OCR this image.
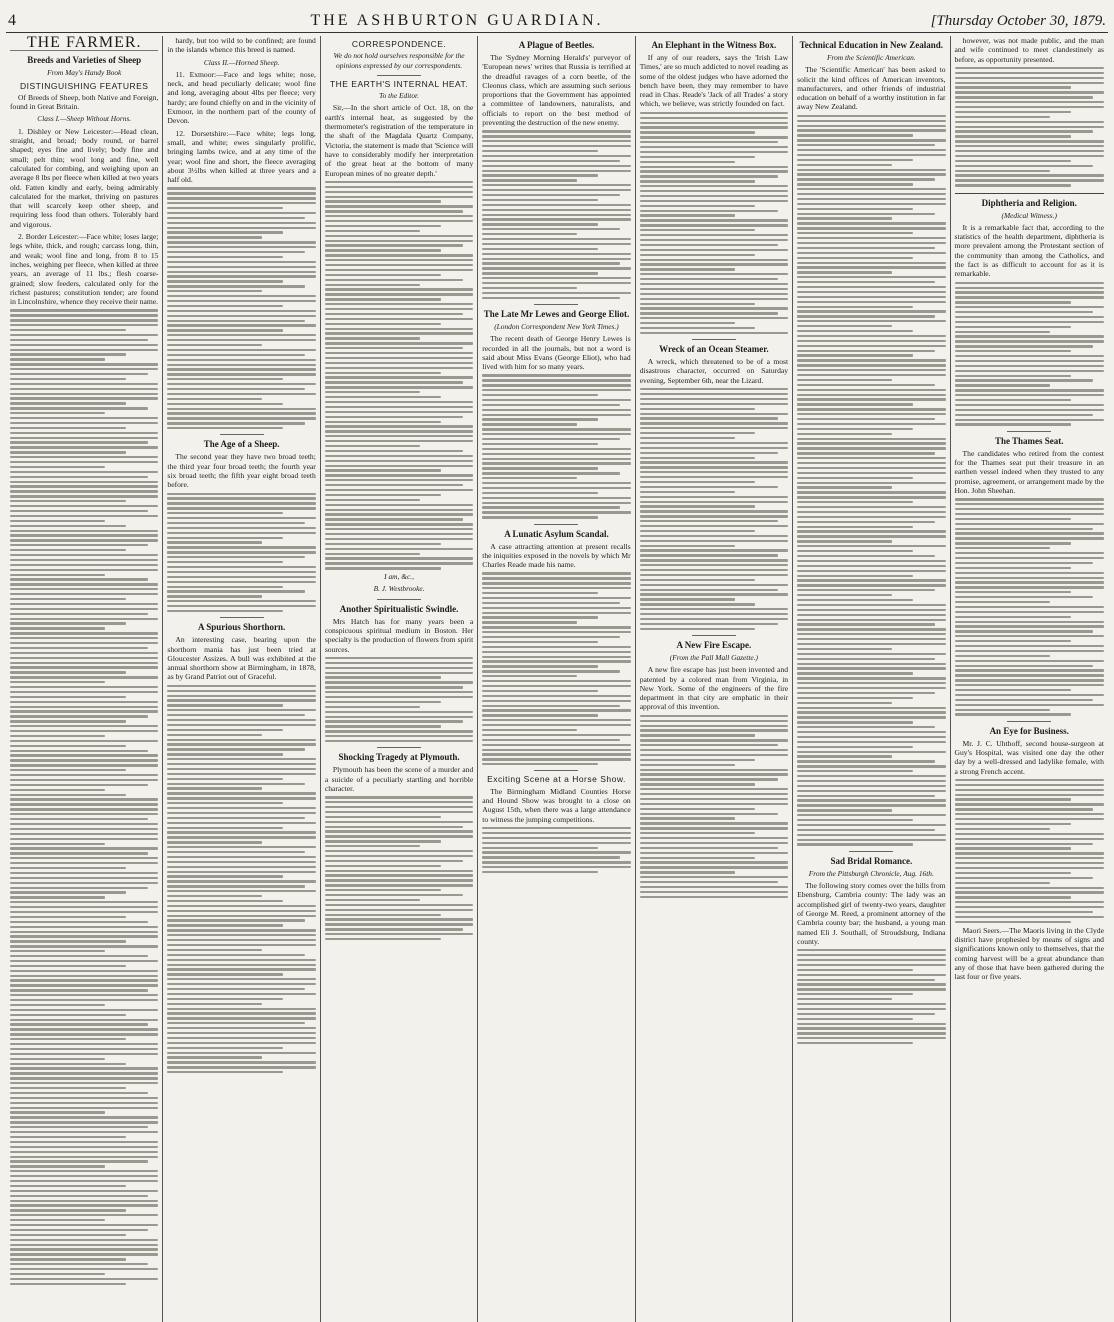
4	THE ASHBURTON GUARDIAN.	[Thursday October 30, 1879.
THE FARMER.
Breeds and Varieties of Sheep
From May's Handy Book
DISTINGUISHING FEATURES

Of Breeds of Sheep, both Native and Foreign, found in Great Britain.

Class I.—Sheep Without Horns.

1. Dishley or New Leicester:—Head clean, straight, and broad; body round, or barrel shaped; eyes fine and lively; body fine and small; pelt thin; wool long and fine, well calculated for combing, and weighing upon an average 8 lbs per fleece when killed at two years old. Fatten kindly and early, being admirably calculated for the market, thriving on pastures that will scarcely keep other sheep, and requiring less food than others. Tolerably hard and vigorous.

2. Border Leicester:—Face white; loses large; legs white, thick, and rough; carcass long, thin, and weak; wool fine and long, from 8 to 15 inches, weighing per fleece, when killed at three years, an average of 11 lbs.; flesh coarse-grained; slow feeders, calculated only for the richest pastures; constitution tender; are found in Lincolnshire, whence they receive their name.

hardy, but too wild to be confined; are found in the islands whence this breed is named.

Class II.—Horned Sheep.

11. Exmoor:—Face and legs white; nose, neck, and head peculiarly delicate; wool fine and long, averaging about 4lbs per fleece; very hardy; are found chiefly on and in the vicinity of Exmoor, in the northern part of the county of Devon.

12. Dorsetshire:—Face white; legs long, small, and white; ewes singularly prolific, bringing lambs twice, and at any time of the year; wool fine and short, the fleece averaging about 3½lbs when killed at three years and a half old.

The Age of a Sheep.

The second year they have two broad teeth; the third year four broad teeth; the fourth year six broad teeth; the fifth year eight broad teeth before.

A Spurious Shorthorn.

An interesting case, bearing upon the shorthorn mania has just been tried at Gloucester Assizes. A bull was exhibited at the annual shorthorn show at Birmingham, in 1878, as by Grand Patriot out of Graceful.

CORRESPONDENCE.
We do not hold ourselves responsible for the opinions expressed by our correspondents.
THE EARTH'S INTERNAL HEAT.
To the Editor.

Sir,—In the short article of Oct. 18, on the earth's internal heat, as suggested by the thermometer's registration of the temperature in the shaft of the Magdala Quartz Company, Victoria, the statement is made that 'Science will have to considerably modify her interpretation of the great heat at the bottom of many European mines of no greater depth.'

I am, &c.,
B. J. Westbrooke.
Another Spiritualistic Swindle.

Mrs Hatch has for many years been a conspicuous spiritual medium in Boston. Her specialty is the production of flowers from spirit sources.

Shocking Tragedy at Plymouth.

Plymouth has been the scene of a murder and a suicide of a peculiarly startling and horrible character.

A Plague of Beetles.

The 'Sydney Morning Herald's' purveyor of 'European news' writes that Russia is terrified at the dreadful ravages of a corn beetle, of the Cleonus class, which are assuming such serious proportions that the Government has appointed a committee of landowners, naturalists, and officials to report on the best method of preventing the destruction of the new enemy.

The Late Mr Lewes and George Eliot.
(London Correspondent New York Times.)

The recent death of George Henry Lewes is recorded in all the journals, but not a word is said about Miss Evans (George Eliot), who had lived with him for so many years.

A Lunatic Asylum Scandal.

A case attracting attention at present recalls the iniquities exposed in the novels by which Mr Charles Reade made his name.

Exciting Scene at a Horse Show.

The Birmingham Midland Counties Horse and Hound Show was brought to a close on August 15th, when there was a large attendance to witness the jumping competitions.

An Elephant in the Witness Box.

If any of our readers, says the 'Irish Law Times,' are so much addicted to novel reading as some of the oldest judges who have adorned the bench have been, they may remember to have read in Chas. Reade's 'Jack of all Trades' a story which, we believe, was strictly founded on fact.

Wreck of an Ocean Steamer.

A wreck, which threatened to be of a most disastrous character, occurred on Saturday evening, September 6th, near the Lizard.

A New Fire Escape.
(From the Pall Mall Gazette.)

A new fire escape has just been invented and patented by a colored man from Virginia, in New York. Some of the engineers of the fire department in that city are emphatic in their approval of this invention.

Technical Education in New Zealand.
From the Scientific American.

The 'Scientific American' has been asked to solicit the kind offices of American inventors, manufacturers, and other friends of industrial education on behalf of a worthy institution in far away New Zealand.

Sad Bridal Romance.
From the Pittsburgh Chronicle, Aug. 16th.

The following story comes over the hills from Ebensburg, Cambria county: The lady was an accomplished girl of twenty-two years, daughter of George M. Reed, a prominent attorney of the Cambria county bar; the husband, a young man named Eli J. Southall, of Stroudsburg, Indiana county.

however, was not made public, and the man and wife continued to meet clandestinely as before, as opportunity presented.

Diphtheria and Religion.
(Medical Witness.)

It is a remarkable fact that, according to the statistics of the health department, diphtheria is more prevalent among the Protestant section of the community than among the Catholics, and the fact is as difficult to account for as it is remarkable.

The Thames Seat.

The candidates who retired from the contest for the Thames seat put their treasure in an earthen vessel indeed when they trusted to any promise, agreement, or arrangement made by the Hon. John Sheehan.

An Eye for Business.

Mr. J. C. Uhthoff, second house-surgeon at Guy's Hospital, was visited one day the other day by a well-dressed and ladylike female, with a strong French accent.

Maori Seers.—The Maoris living in the Clyde district have prophesied by means of signs and significations known only to themselves, that the coming harvest will be a great abundance than any of those that have been gathered during the last four or five years.
